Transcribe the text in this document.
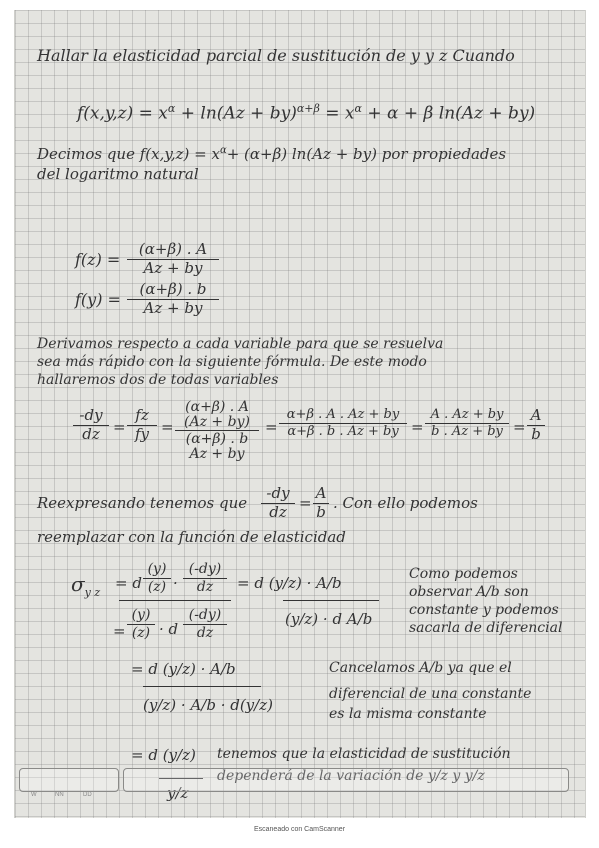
Hallar la elasticidad parcial de sustitución de y y z Cuando
$f(x,y,z) = x^\alpha + \ln(Az + by)^{\alpha+\beta} = x^\alpha + \alpha + \beta$ ln(Az + by)
Decimos que $f(x,y,z) = x^\alpha+ (\alpha+\beta) \ln(Az + by)$ por propiedades
del logaritmo natural
f(z) =
(α+β) . A
Az + by
f(y) =
(α+β) . b
Az + by
Derivamos respecto a cada variable para que se resuelva
sea más rápido con la siguiente fórmula. De este modo
hallaremos dos de todas variables
-dy
dz =
fz
fy =
(α+β) . A
(Az + by)
(α+β) . b
Az + by
=
α+β . A . Az + by
α+β . b . Az + by =
A . Az + by
b . Az + by =
A
b
Reexpresando tenemos que
-dy
dz =
A
b . Con ello podemos
reemplazar con la función de elasticidad
$\sigma_{y z}$
= d
(y)
(z) ·
(-dy)
dz
=
(y)
(z) · d
(-dy)
dz
= d (y/z) · A/b
(y/z) · d A/b
Como podemos
observar A/b son
constante y podemos
sacarla de diferencial
= d (y/z) · A/b
(y/z) · A/b · d(y/z)
Cancelamos A/b ya que el
diferencial de una constante
es la misma constante
= d (y/z)
y/z
tenemos que la elasticidad de sustitución
dependerá de la variación de y/z y y/z
W	NN	DD
Escaneado con CamScanner
